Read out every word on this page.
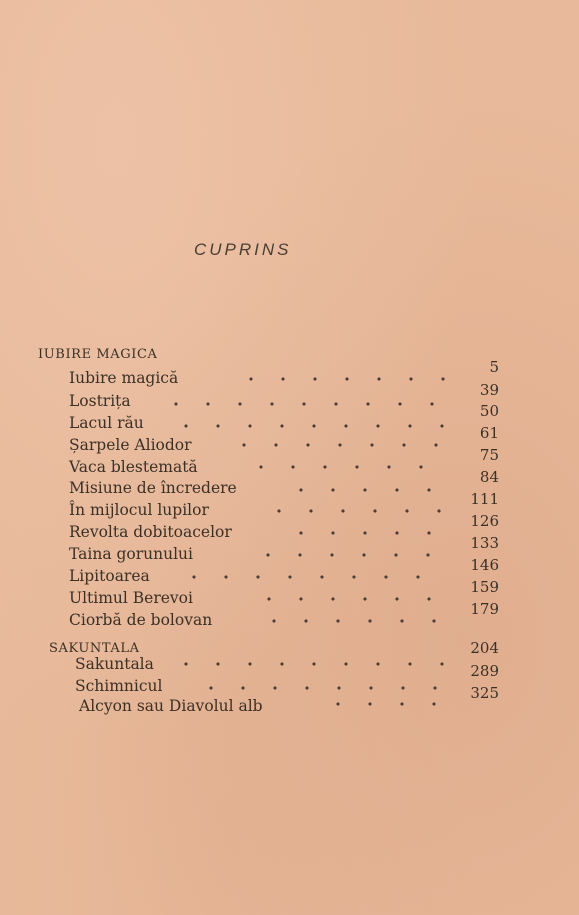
CUPRINS
IUBIRE MAGICA
Iubire magică
5
Lostrița
39
Lacul rău
50
Șarpele Aliodor
61
Vaca blestemată
75
Misiune de încredere
84
În mijlocul lupilor
111
Revolta dobitoacelor
126
Taina gorunului
133
Lipitoarea
146
Ultimul Berevoi
159
Ciorbă de bolovan
179
SAKUNTALA
Sakuntala
204
Schimnicul
289
Alcyon sau Diavolul alb
325
